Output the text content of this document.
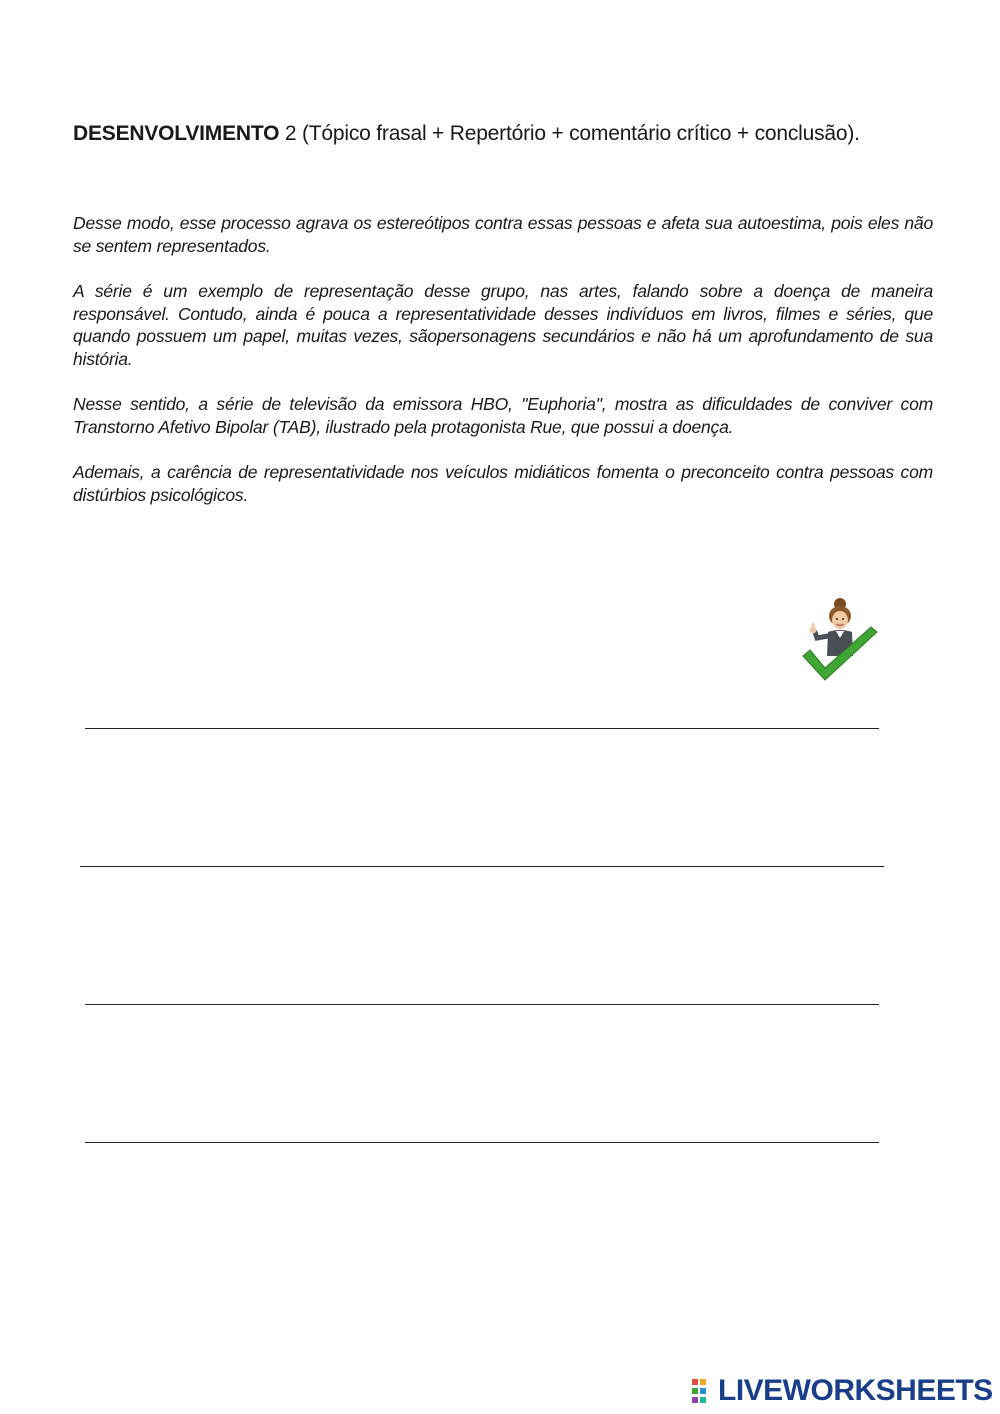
DESENVOLVIMENTO 2 (Tópico frasal + Repertório + comentário crítico + conclusão).
Desse modo, esse processo agrava os estereótipos contra essas pessoas e afeta sua autoestima, pois eles não se sentem representados.
A série é um exemplo de representação desse grupo, nas artes, falando sobre a doença de maneira responsável. Contudo, ainda é pouca a representatividade desses indivíduos em livros, filmes e séries, que quando possuem um papel, muitas vezes, sãopersonagens secundários e não há um aprofundamento de sua história.
Nesse sentido, a série de televisão da emissora HBO, "Euphoria", mostra as dificuldades de conviver com Transtorno Afetivo Bipolar (TAB), ilustrado pela protagonista Rue, que possui a doença.
Ademais, a carência de representatividade nos veículos midiáticos fomenta o preconceito contra pessoas com distúrbios psicológicos.
LIVEWORKSHEETS
